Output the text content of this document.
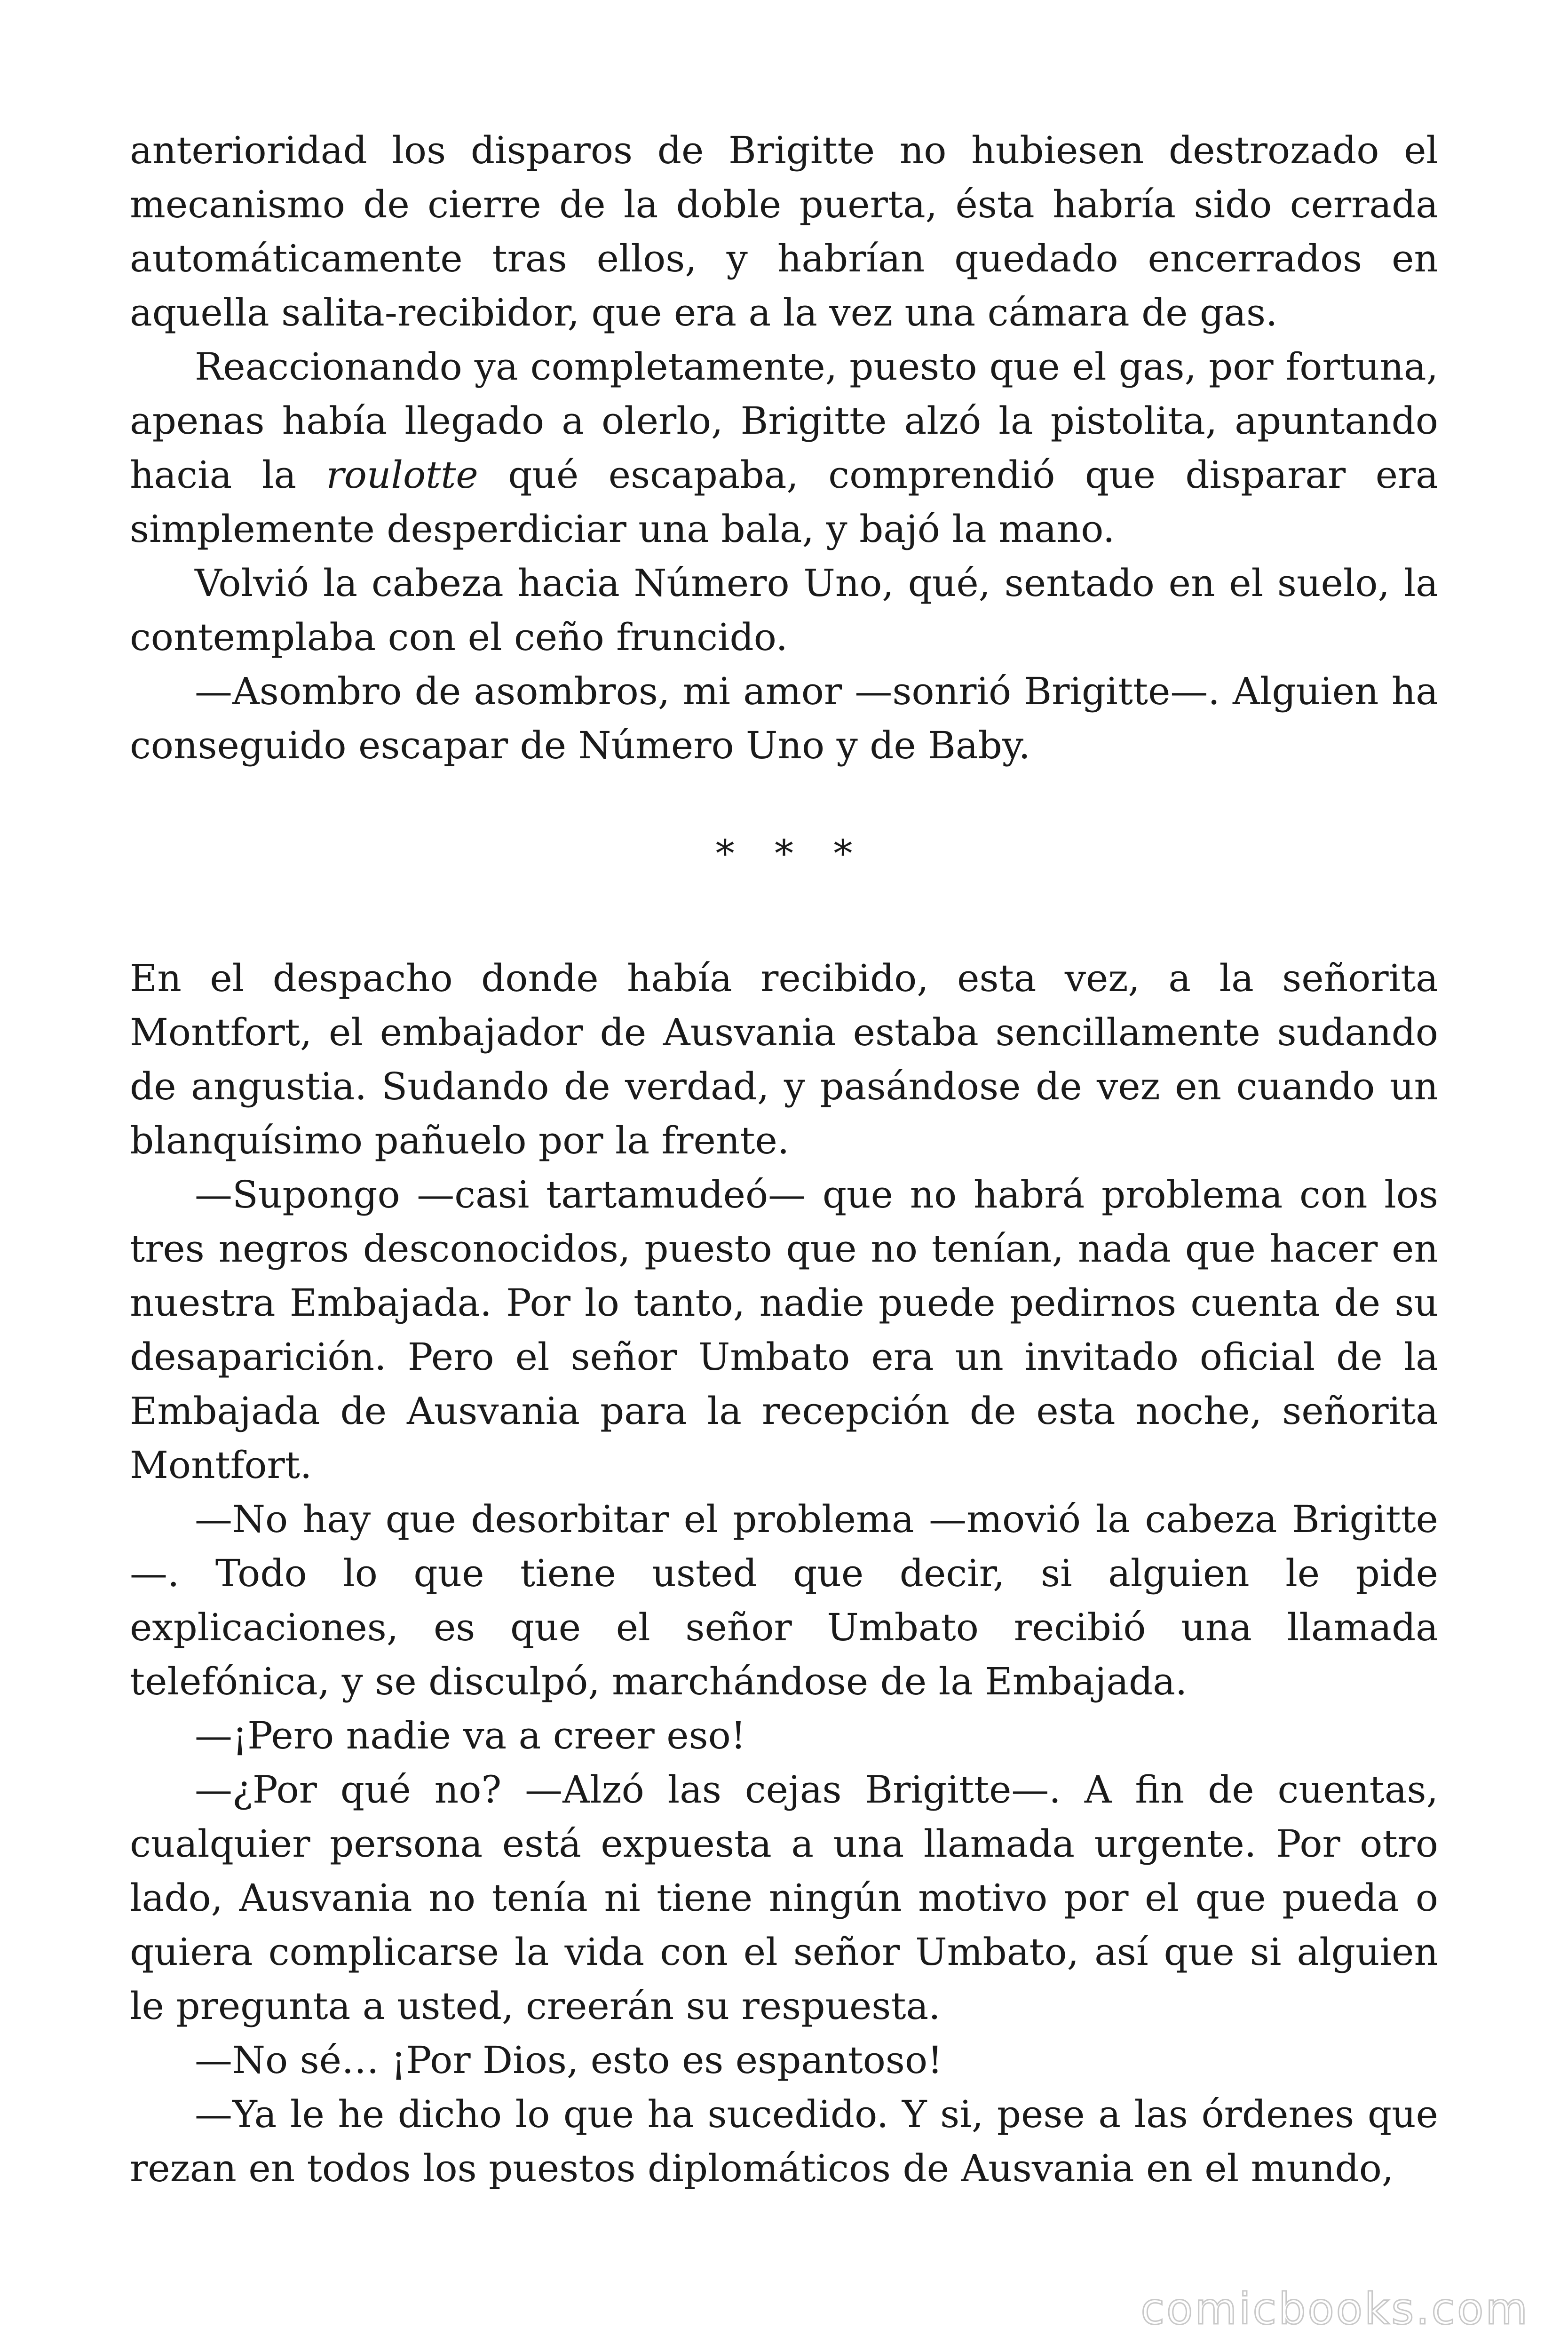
anterioridad los disparos de Brigitte no hubiesen destrozado el mecanismo de cierre de la doble puerta, ésta habría sido cerrada automáticamente tras ellos, y habrían quedado encerrados en aquella salita-recibidor, que era a la vez una cámara de gas.

Reaccionando ya completamente, puesto que el gas, por fortuna, apenas había llegado a olerlo, Brigitte alzó la pistolita, apuntando hacia la roulotte qué escapaba, comprendió que disparar era simplemente desperdiciar una bala, y bajó la mano.

Volvió la cabeza hacia Número Uno, qué, sentado en el suelo, la contemplaba con el ceño fruncido.

—Asombro de asombros, mi amor —sonrió Brigitte—. Alguien ha conseguido escapar de Número Uno y de Baby.

* * *

En el despacho donde había recibido, esta vez, a la señorita Montfort, el embajador de Ausvania estaba sencillamente sudando de angustia. Sudando de verdad, y pasándose de vez en cuando un blanquísimo pañuelo por la frente.

—Supongo —casi tartamudeó— que no habrá problema con los tres negros desconocidos, puesto que no tenían, nada que hacer en nuestra Embajada. Por lo tanto, nadie puede pedirnos cuenta de su desaparición. Pero el señor Umbato era un invitado oficial de la Embajada de Ausvania para la recepción de esta noche, señorita Montfort.

—No hay que desorbitar el problema —movió la cabeza Brigitte —. Todo lo que tiene usted que decir, si alguien le pide explicaciones, es que el señor Umbato recibió una llamada telefónica, y se disculpó, marchándose de la Embajada.

—¡Pero nadie va a creer eso!

—¿Por qué no? —Alzó las cejas Brigitte—. A fin de cuentas, cualquier persona está expuesta a una llamada urgente. Por otro lado, Ausvania no tenía ni tiene ningún motivo por el que pueda o quiera complicarse la vida con el señor Umbato, así que si alguien le pregunta a usted, creerán su respuesta.

—No sé… ¡Por Dios, esto es espantoso!

—Ya le he dicho lo que ha sucedido. Y si, pese a las órdenes que rezan en todos los puestos diplomáticos de Ausvania en el mundo,

comicbooks.com
